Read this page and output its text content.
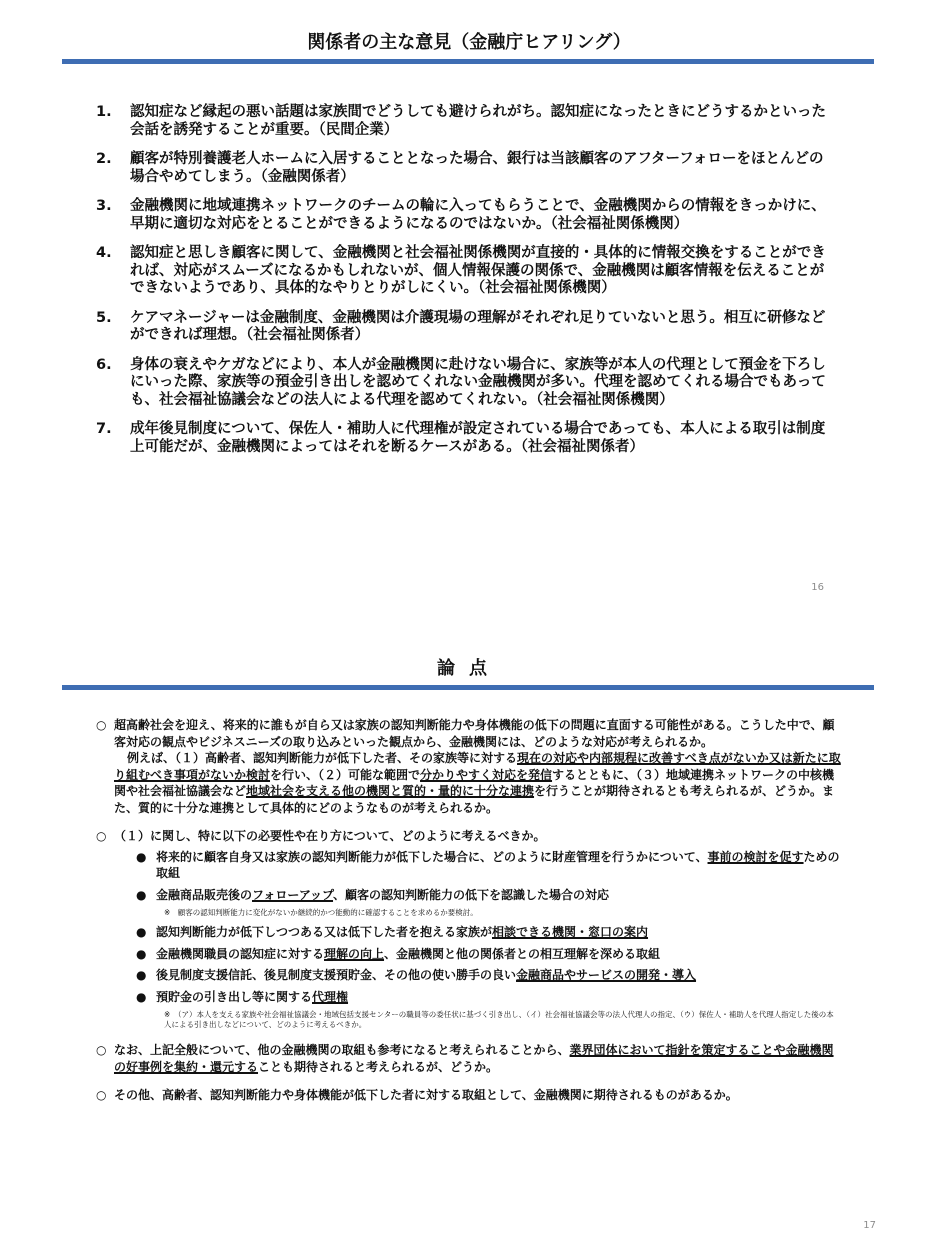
関係者の主な意見（金融庁ヒアリング）
1. 認知症など縁起の悪い話題は家族間でどうしても避けられがち。認知症になったときにどうするかといった会話を誘発することが重要。（民間企業）
2. 顧客が特別養護老人ホームに入居することとなった場合、銀行は当該顧客のアフターフォローをほとんどの場合やめてしまう。（金融関係者）
3. 金融機関に地域連携ネットワークのチームの輪に入ってもらうことで、金融機関からの情報をきっかけに、早期に適切な対応をとることができるようになるのではないか。（社会福祉関係機関）
4. 認知症と思しき顧客に関して、金融機関と社会福祉関係機関が直接的・具体的に情報交換をすることができれば、対応がスムーズになるかもしれないが、個人情報保護の関係で、金融機関は顧客情報を伝えることができないようであり、具体的なやりとりがしにくい。（社会福祉関係機関）
5. ケアマネージャーは金融制度、金融機関は介護現場の理解がそれぞれ足りていないと思う。相互に研修などができれば理想。（社会福祉関係者）
6. 身体の衰えやケガなどにより、本人が金融機関に赴けない場合に、家族等が本人の代理として預金を下ろしにいった際、家族等の預金引き出しを認めてくれない金融機関が多い。代理を認めてくれる場合でもあっても、社会福祉協議会などの法人による代理を認めてくれない。（社会福祉関係機関）
7. 成年後見制度について、保佐人・補助人に代理権が設定されている場合であっても、本人による取引は制度上可能だが、金融機関によってはそれを断るケースがある。（社会福祉関係者）
16
論点
○ 超高齢社会を迎え、将来的に誰もが自ら又は家族の認知判断能力や身体機能の低下の問題に直面する可能性がある。こうした中で、顧客対応の観点やビジネスニーズの取り込みといった観点から、金融機関には、どのような対応が考えられるか。
例えば、（１）高齢者、認知判断能力が低下した者、その家族等に対する現在の対応や内部規程に改善すべき点がないか又は新たに取り組むべき事項がないか検討を行い、（２）可能な範囲で分かりやすく対応を発信するとともに、（３）地域連携ネットワークの中核機関や社会福祉協議会など地域社会を支える他の機関と質的・量的に十分な連携を行うことが期待されるとも考えられるが、どうか。また、質的に十分な連携として具体的にどのようなものが考えられるか。
○ （１）に関し、特に以下の必要性や在り方について、どのように考えるべきか。
● 将来的に顧客自身又は家族の認知判断能力が低下した場合に、どのように財産管理を行うかについて、事前の検討を促すための取組
● 金融商品販売後のフォローアップ、顧客の認知判断能力の低下を認識した場合の対応
※　顧客の認知判断能力に変化がないか継続的かつ能動的に確認することを求めるか要検討。
● 認知判断能力が低下しつつある又は低下した者を抱える家族が相談できる機関・窓口の案内
● 金融機関職員の認知症に対する理解の向上、金融機関と他の関係者との相互理解を深める取組
● 後見制度支援信託、後見制度支援預貯金、その他の使い勝手の良い金融商品やサービスの開発・導入
● 預貯金の引き出し等に関する代理権
※　（ア）本人を支える家族や社会福祉協議会・地域包括支援センターの職員等の委任状に基づく引き出し、（イ）社会福祉協議会等の法人代理人の指定、（ウ）保佐人・補助人を代理人指定した後の本人による引き出しなどについて、どのように考えるべきか。
○ なお、上記全般について、他の金融機関の取組も参考になると考えられることから、業界団体において指針を策定することや金融機関の好事例を集約・還元することも期待されると考えられるが、どうか。
○ その他、高齢者、認知判断能力や身体機能が低下した者に対する取組として、金融機関に期待されるものがあるか。
17
